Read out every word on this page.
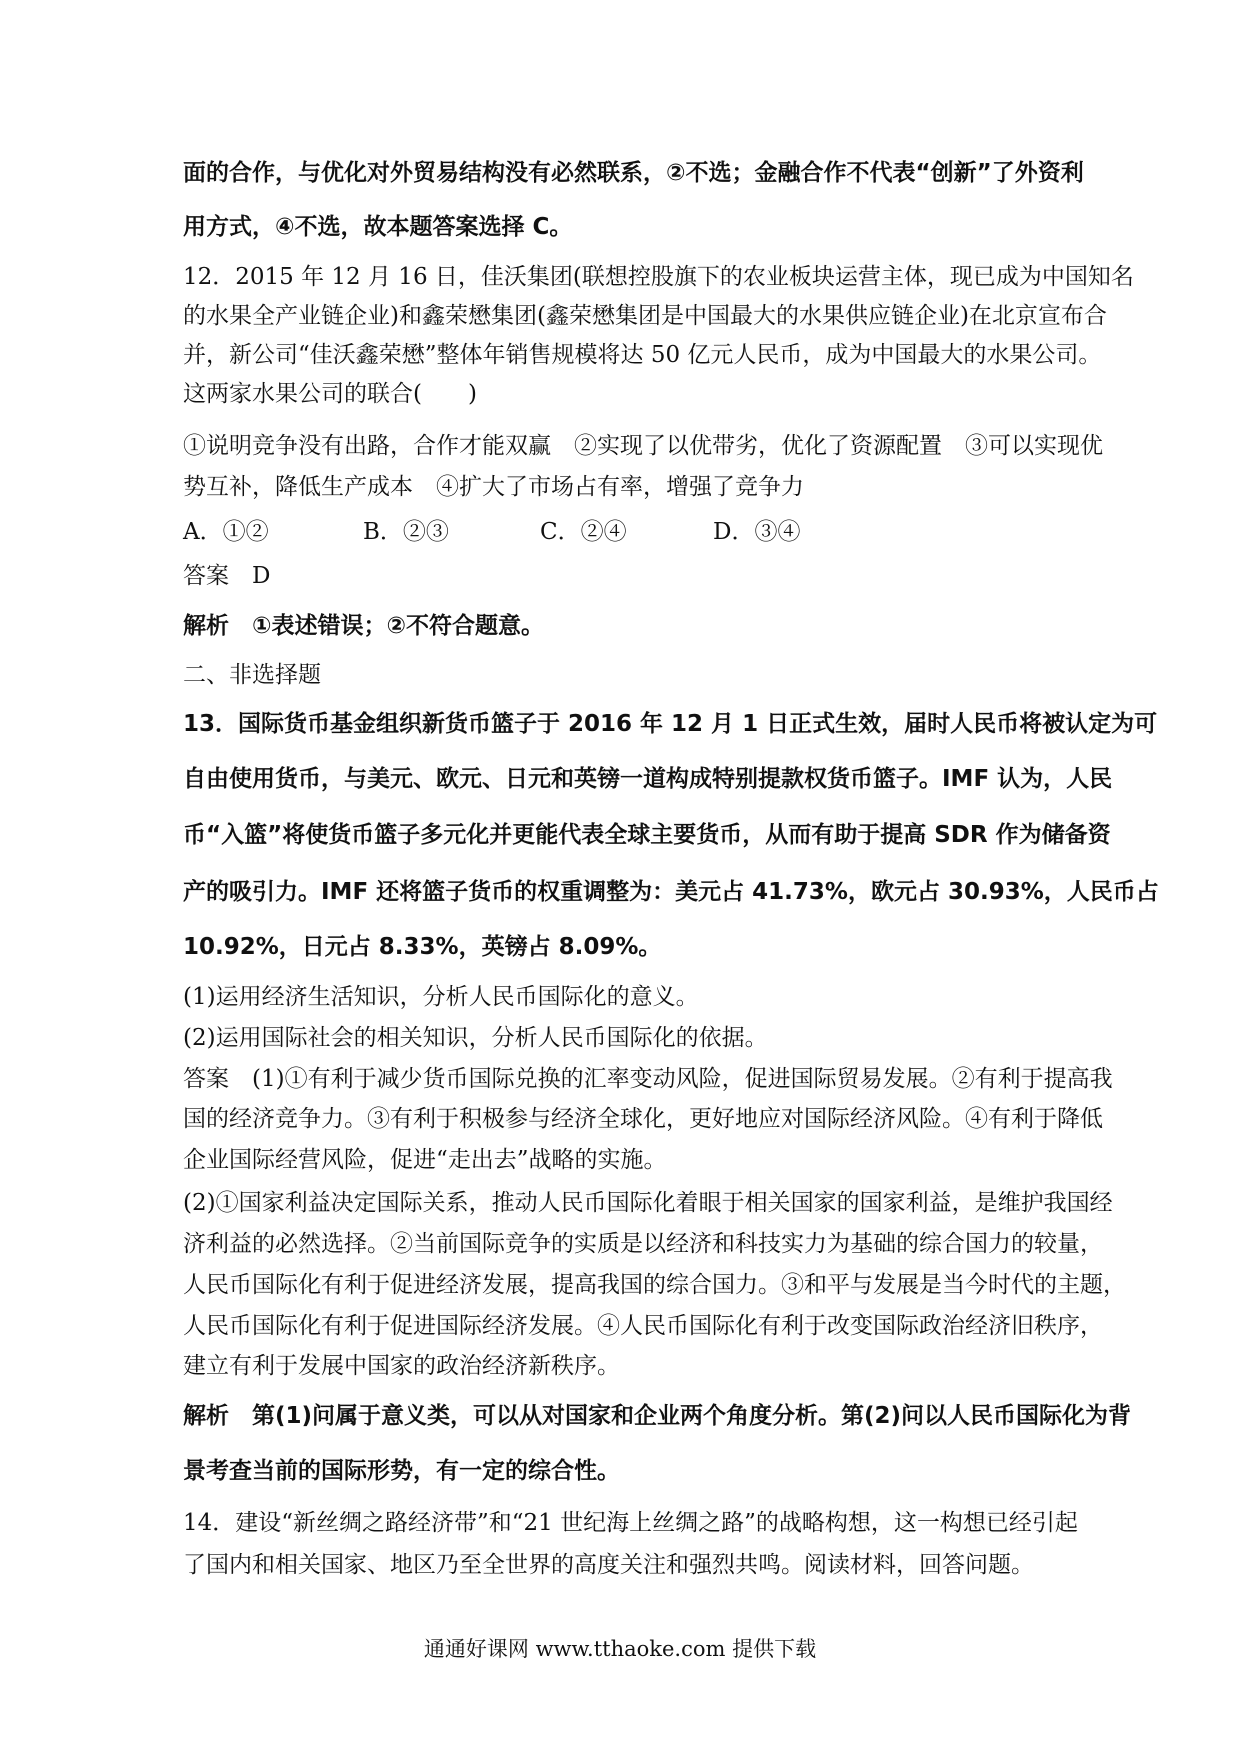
面的合作，与优化对外贸易结构没有必然联系，②不选；金融合作不代表“创新”了外资利
用方式，④不选，故本题答案选择 C。
12．2015 年 12 月 16 日，佳沃集团(联想控股旗下的农业板块运营主体，现已成为中国知名
的水果全产业链企业)和鑫荣懋集团(鑫荣懋集团是中国最大的水果供应链企业)在北京宣布合
并，新公司“佳沃鑫荣懋”整体年销售规模将达 50 亿元人民币，成为中国最大的水果公司。
这两家水果公司的联合(　　)
①说明竞争没有出路，合作才能双赢　②实现了以优带劣，优化了资源配置　③可以实现优
势互补，降低生产成本　④扩大了市场占有率，增强了竞争力
A．①②	B．②③	C．②④	D．③④
答案　D
解析　①表述错误；②不符合题意。
二、非选择题
13．国际货币基金组织新货币篮子于 2016 年 12 月 1 日正式生效，届时人民币将被认定为可
自由使用货币，与美元、欧元、日元和英镑一道构成特别提款权货币篮子。IMF 认为，人民
币“入篮”将使货币篮子多元化并更能代表全球主要货币，从而有助于提高 SDR 作为储备资
产的吸引力。IMF 还将篮子货币的权重调整为：美元占 41.73%，欧元占 30.93%，人民币占
10.92%，日元占 8.33%，英镑占 8.09%。
(1)运用经济生活知识，分析人民币国际化的意义。
(2)运用国际社会的相关知识，分析人民币国际化的依据。
答案　(1)①有利于减少货币国际兑换的汇率变动风险，促进国际贸易发展。②有利于提高我
国的经济竞争力。③有利于积极参与经济全球化，更好地应对国际经济风险。④有利于降低
企业国际经营风险，促进“走出去”战略的实施。
(2)①国家利益决定国际关系，推动人民币国际化着眼于相关国家的国家利益，是维护我国经
济利益的必然选择。②当前国际竞争的实质是以经济和科技实力为基础的综合国力的较量，
人民币国际化有利于促进经济发展，提高我国的综合国力。③和平与发展是当今时代的主题，
人民币国际化有利于促进国际经济发展。④人民币国际化有利于改变国际政治经济旧秩序，
建立有利于发展中国家的政治经济新秩序。
解析　第(1)问属于意义类，可以从对国家和企业两个角度分析。第(2)问以人民币国际化为背
景考查当前的国际形势，有一定的综合性。
14．建设“新丝绸之路经济带”和“21 世纪海上丝绸之路”的战略构想，这一构想已经引起
了国内和相关国家、地区乃至全世界的高度关注和强烈共鸣。阅读材料，回答问题。
通通好课网 www.tthaoke.com 提供下载
